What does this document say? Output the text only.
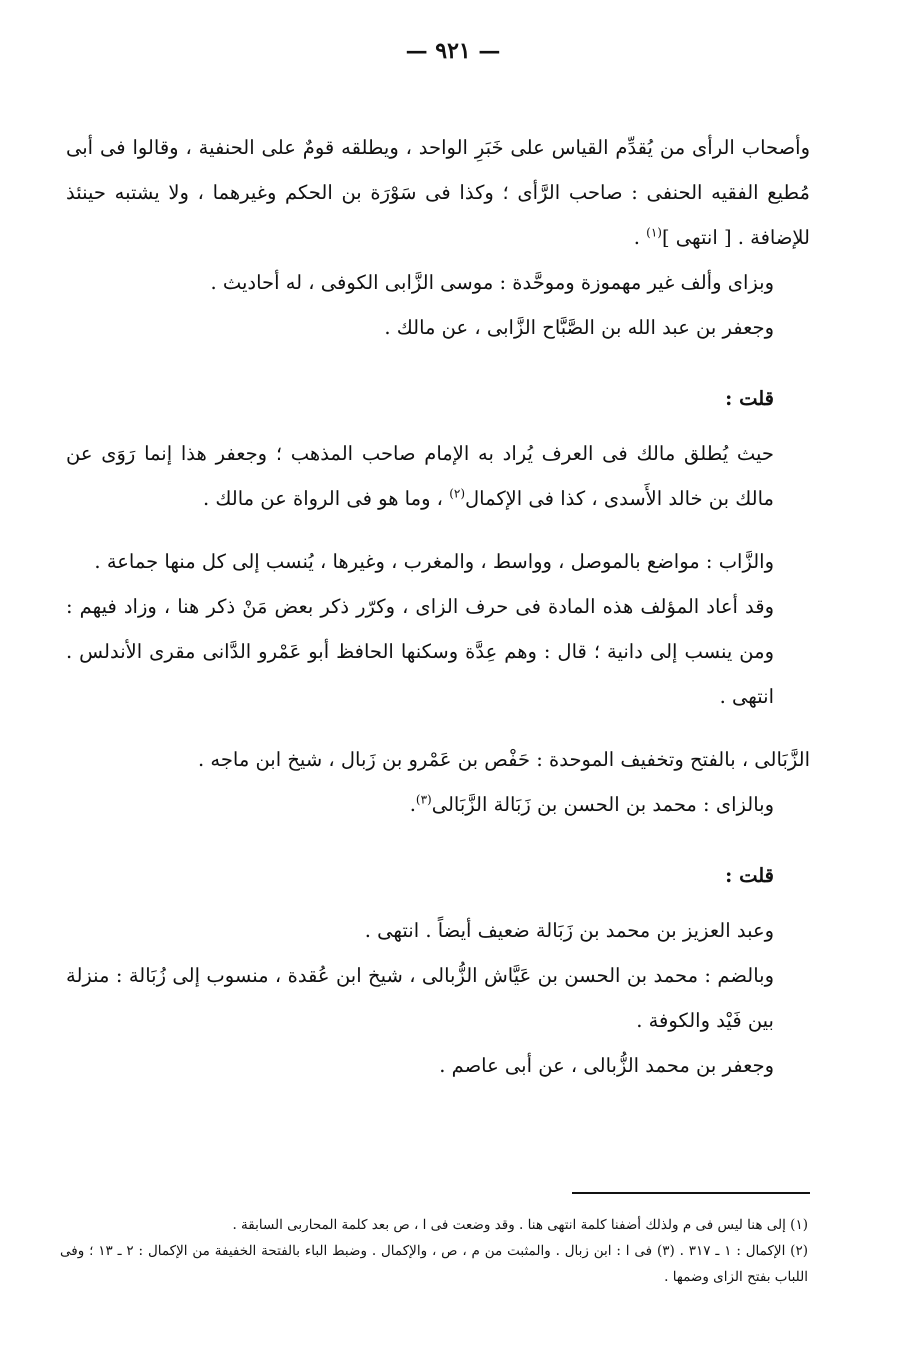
— ٩٢١ —

وأصحاب الرأى من يُقدِّم القياس على خَبَرِ الواحد ، ويطلقه قومٌ على الحنفية ، وقالوا فى أبى مُطيع الفقيه الحنفى : صاحب الرَّأى ؛ وكذا فى سَوْرَة بن الحكم وغيرهما ، ولا يشتبه حينئذ للإضافة . [ انتهى ]$^{(١)}$ .

وبزاى وألف غير مهموزة وموحَّدة : موسى الزَّابى الكوفى ، له أحاديث .

وجعفر بن عبد الله بن الصَّبَّاح الزَّابى ، عن مالك .

قلت :

حيث يُطلق مالك فى العرف يُراد به الإمام صاحب المذهب ؛ وجعفر هذا إنما رَوَى عن مالك بن خالد الأَسدى ، كذا فى الإكمال$^{(٢)}$ ، وما هو فى الرواة عن مالك .

والزَّاب : مواضع بالموصل ، وواسط ، والمغرب ، وغيرها ، يُنسب إلى كل منها جماعة .

وقد أعاد المؤلف هذه المادة فى حرف الزاى ، وكرّر ذكر بعض مَنْ ذكر هنا ، وزاد فيهم : ومن ينسب إلى دانية ؛ قال : وهم عِدَّة وسكنها الحافظ أبو عَمْرو الدَّانى مقرى الأندلس . انتهى .

الزَّبَالى ، بالفتح وتخفيف الموحدة : حَفْص بن عَمْرو بن زَبال ، شيخ ابن ماجه .

وبالزاى : محمد بن الحسن بن زَبَالة الزَّبَالى$^{(٣)}$.

قلت :

وعبد العزيز بن محمد بن زَبَالة ضعيف أيضاً . انتهى .

وبالضم : محمد بن الحسن بن عَيَّاش الزُّبالى ، شيخ ابن عُقدة ، منسوب إلى زُبَالة : منزلة بين فَيْد والكوفة .

وجعفر بن محمد الزُّبالى ، عن أبى عاصم .

(١) إلى هنا ليس فى م ولذلك أضفنا كلمة انتهى هنا . وقد وضعت فى ا ، ص بعد كلمة المحاربى السابقة .

(٢) الإكمال : ١ ـ ٣١٧ . (٣) فى ا : ابن زبال . والمثبت من م ، ص ، والإكمال . وضبط الباء بالفتحة الخفيفة من الإكمال : ٢ ـ ١٣ ؛ وفى اللباب بفتح الزاى وضمها .
